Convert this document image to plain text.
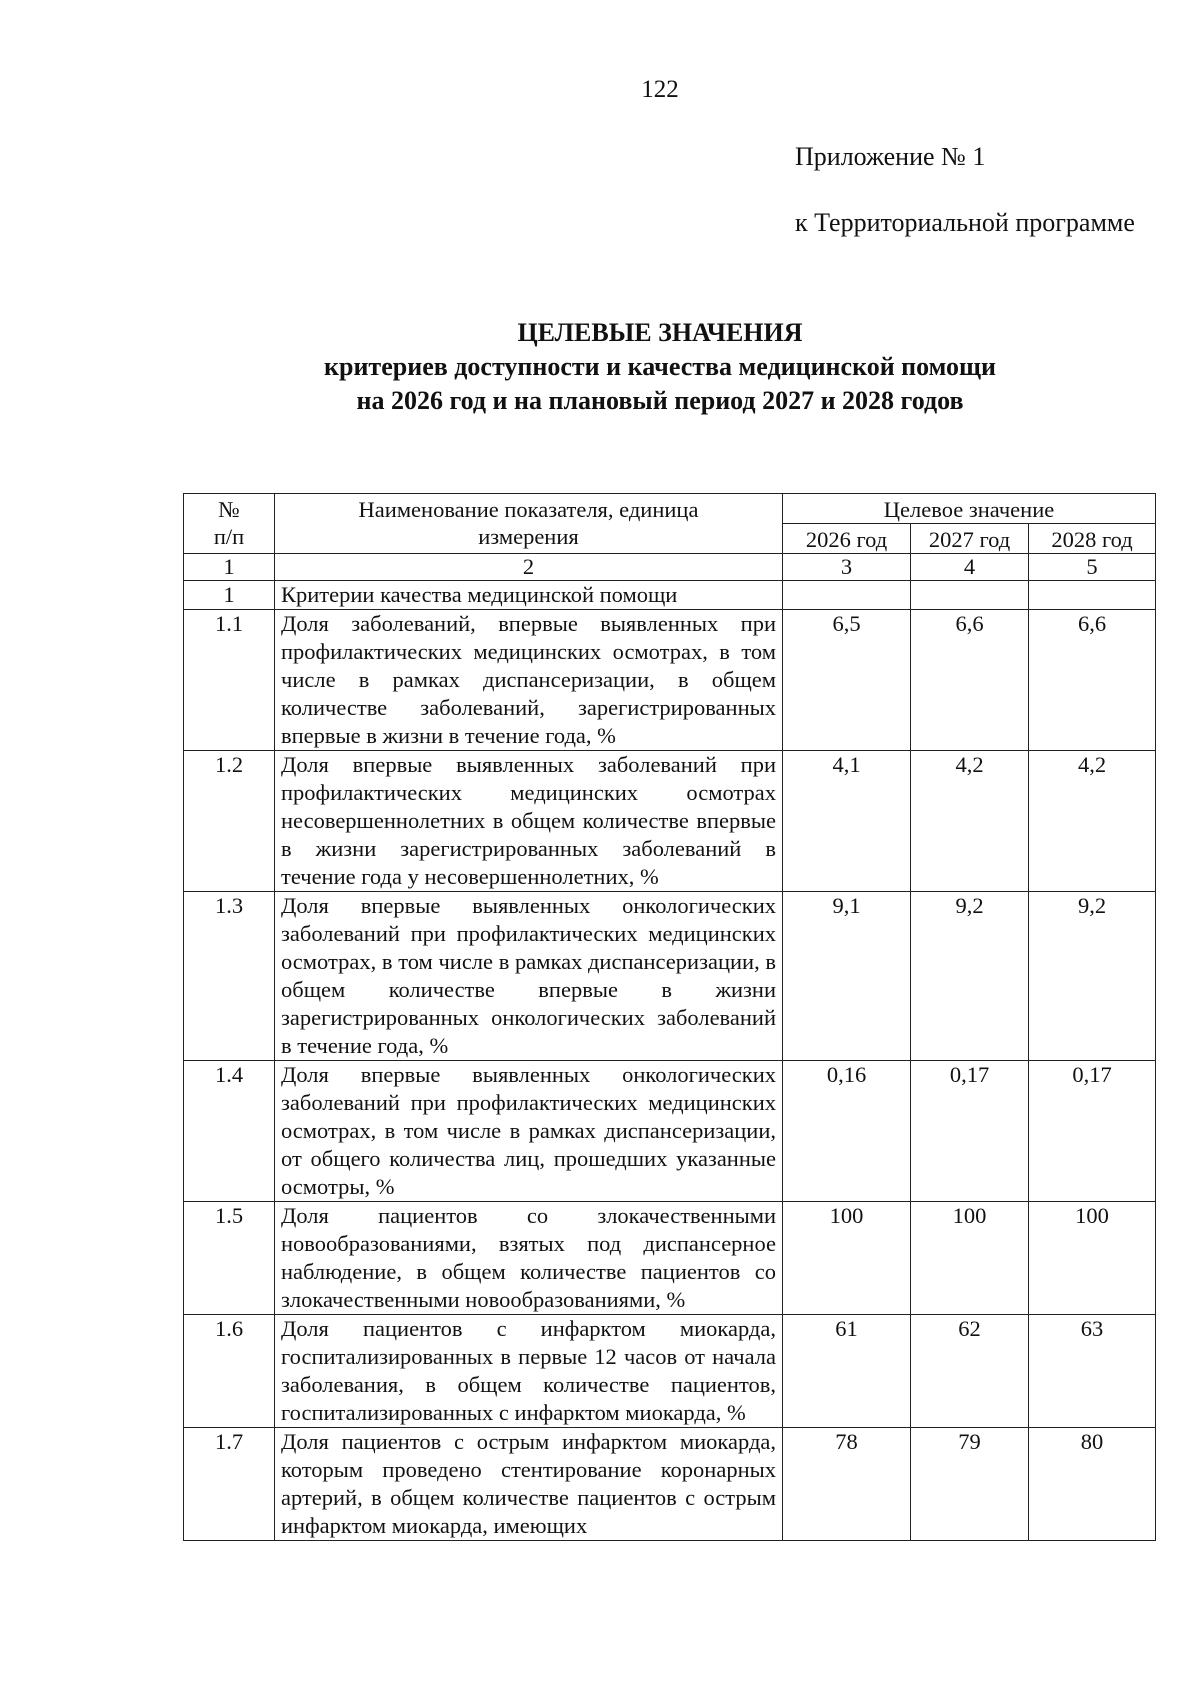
122
Приложение № 1
к Территориальной программе
ЦЕЛЕВЫЕ ЗНАЧЕНИЯ
критериев доступности и качества медицинской помощи
на 2026 год и на плановый период 2027 и 2028 годов
№
п/п	Наименование показателя, единица измерения	Целевое значение		
		2026 год	2027 год	2028 год
1	2	3	4	5
1	Критерии качества медицинской помощи			
1.1	Доля заболеваний, впервые выявленных при профилактических медицинских осмотрах, в том числе в рамках диспансеризации, в общем количестве заболеваний, зарегистрированных впервые в жизни в течение года, %	6,5	6,6	6,6
1.2	Доля впервые выявленных заболеваний при профилактических медицинских осмотрах несовершеннолетних в общем количестве впервые в жизни зарегистрированных заболеваний в течение года у несовершеннолетних, %	4,1	4,2	4,2
1.3	Доля впервые выявленных онкологических заболеваний при профилактических медицинских осмотрах, в том числе в рамках диспансеризации, в общем количестве впервые в жизни зарегистрированных онкологических заболеваний в течение года, %	9,1	9,2	9,2
1.4	Доля впервые выявленных онкологических заболеваний при профилактических медицинских осмотрах, в том числе в рамках диспансеризации, от общего количества лиц, прошедших указанные осмотры, %	0,16	0,17	0,17
1.5	Доля пациентов со злокачественными новообразованиями, взятых под диспансерное наблюдение, в общем количестве пациентов со злокачественными новообразованиями, %	100	100	100
1.6	Доля пациентов с инфарктом миокарда, госпитализированных в первые 12 часов от начала заболевания, в общем количестве пациентов, госпитализированных с инфарктом миокарда, %	61	62	63
1.7	Доля пациентов с острым инфарктом миокарда, которым проведено стентирование коронарных артерий, в общем количестве пациентов с острым инфарктом миокарда, имеющих	78	79	80
